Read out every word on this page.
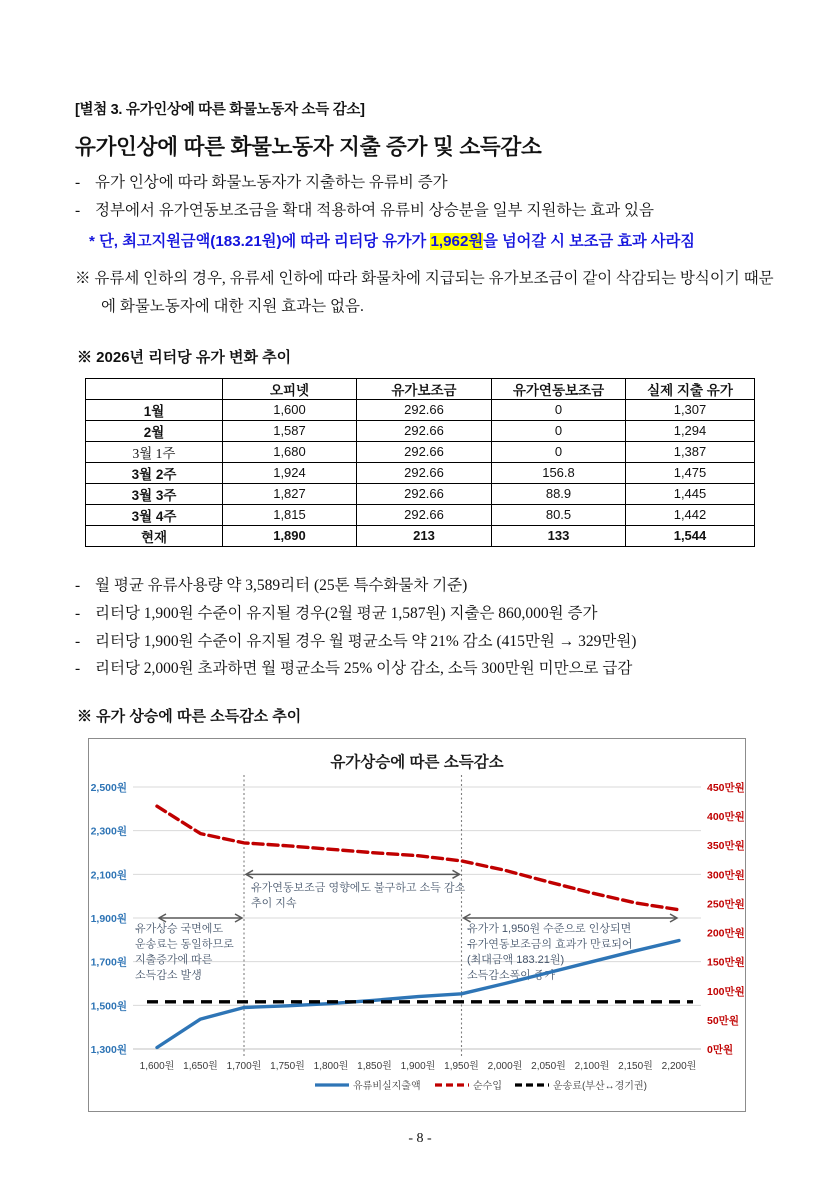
[별첨 3. 유가인상에 따른 화물노동자 소득 감소]
유가인상에 따른 화물노동자 지출 증가 및 소득감소
- 유가 인상에 따라 화물노동자가 지출하는 유류비 증가
- 정부에서 유가연동보조금을 확대 적용하여 유류비 상승분을 일부 지원하는 효과 있음
* 단, 최고지원금액(183.21원)에 따라 리터당 유가가 1,962원을 넘어갈 시 보조금 효과 사라짐
※ 유류세 인하의 경우, 유류세 인하에 따라 화물차에 지급되는 유가보조금이 같이 삭감되는 방식이기 때문에 화물노동자에 대한 지원 효과는 없음.
※ 2026년 리터당 유가 변화 추이
	오피넷	유가보조금	유가연동보조금	실제 지출 유가
1월	1,600	292.66	0	1,307
2월	1,587	292.66	0	1,294
3월 1주	1,680	292.66	0	1,387
3월 2주	1,924	292.66	156.8	1,475
3월 3주	1,827	292.66	88.9	1,445
3월 4주	1,815	292.66	80.5	1,442
현재	1,890	213	133	1,544
- 월 평균 유류사용량 약 3,589리터 (25톤 특수화물차 기준)
- 리터당 1,900원 수준이 유지될 경우(2월 평균 1,587원) 지출은 860,000원 증가
- 리터당 1,900원 수준이 유지될 경우 월 평균소득 약 21% 감소 (415만원 → 329만원)
- 리터당 2,000원 초과하면 월 평균소득 25% 이상 감소, 소득 300만원 미만으로 급감
※ 유가 상승에 따른 소득감소 추이
유가상승 국면에도
운송료는 동일하므로
지출증가에 따른
소득감소 발생
유가연동보조금 영향에도 불구하고 소득 감소
추이 지속
유가가 1,950원 수준으로 인상되면
유가연동보조금의 효과가 만료되어
(최대금액 183.21원)
소득감소폭이 증가
1,300원
1,500원
1,700원
1,900원
2,100원
2,300원
2,500원
0만원
50만원
100만원
150만원
200만원
250만원
300만원
350만원
400만원
450만원
1,600원 1,650원 1,700원 1,750원 1,800원 1,850원 1,900원 1,950원 2,000원 2,050원 2,100원 2,150원 2,200원
유가상승에 따른 소득감소
유류비실지출액	순수입	운송료(부산↔경기권)
- 8 -
